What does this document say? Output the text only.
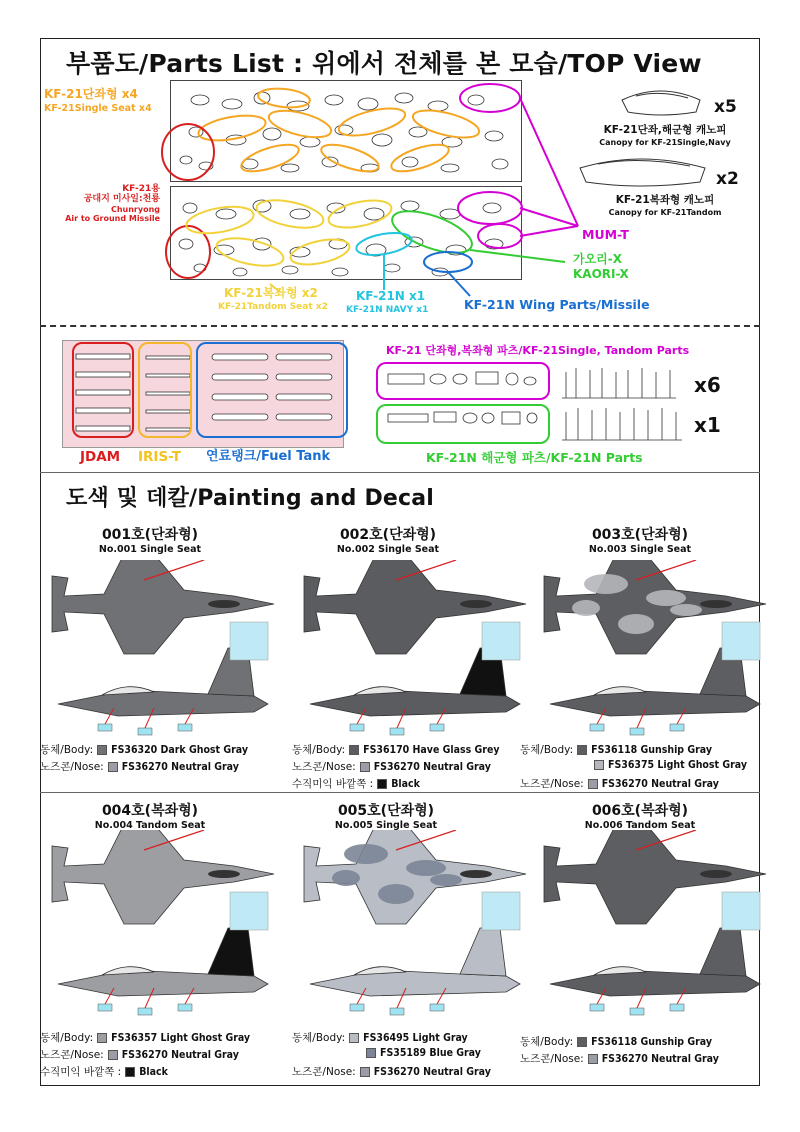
부품도/Parts List : 위에서 전체를 본 모습/TOP View
KF-21단좌형 x4
KF-21Single Seat x4
KF-21용
공대지 미사일:천룡
Chunryong
Air to Ground Missile
x5
KF-21단좌,해군형 캐노피
Canopy for KF-21Single,Navy
x2
KF-21복좌형 캐노피
Canopy for KF-21Tandom
MUM-T
가오리-X
KAORI-X
KF-21복좌형 x2
KF-21Tandom Seat x2
KF-21N x1
KF-21N NAVY x1	KF-21N Wing Parts/Missile
JDAM IRIS-T 연료탱크/Fuel Tank
KF-21 단좌형,복좌형 파츠/KF-21Single, Tandom Parts
x6
x1
KF-21N 해군형 파츠/KF-21N Parts
도색 및 데칼/Painting and Decal
001호(단좌형)
No.001 Single Seat
동체/Body: FS36320 Dark Ghost Gray
노즈콘/Nose: FS36270 Neutral Gray
002호(단좌형)
No.002 Single Seat
동체/Body: FS36170 Have Glass Grey
노즈콘/Nose: FS36270 Neutral Gray
수직미익 바깥쪽 : Black
003호(단좌형)
No.003 Single Seat
동체/Body: FS36118 Gunship Gray
FS36375 Light Ghost Gray
노즈콘/Nose: FS36270 Neutral Gray
004호(복좌형)
No.004 Tandom Seat
동체/Body: FS36357 Light Ghost Gray
노즈콘/Nose: FS36270 Neutral Gray
수직미익 바깥쪽 : Black
005호(단좌형)
No.005 Single Seat
동체/Body: FS36495 Light Gray
FS35189 Blue Gray
노즈콘/Nose: FS36270 Neutral Gray
006호(복좌형)
No.006 Tandom Seat
동체/Body: FS36118 Gunship Gray
노즈콘/Nose: FS36270 Neutral Gray
